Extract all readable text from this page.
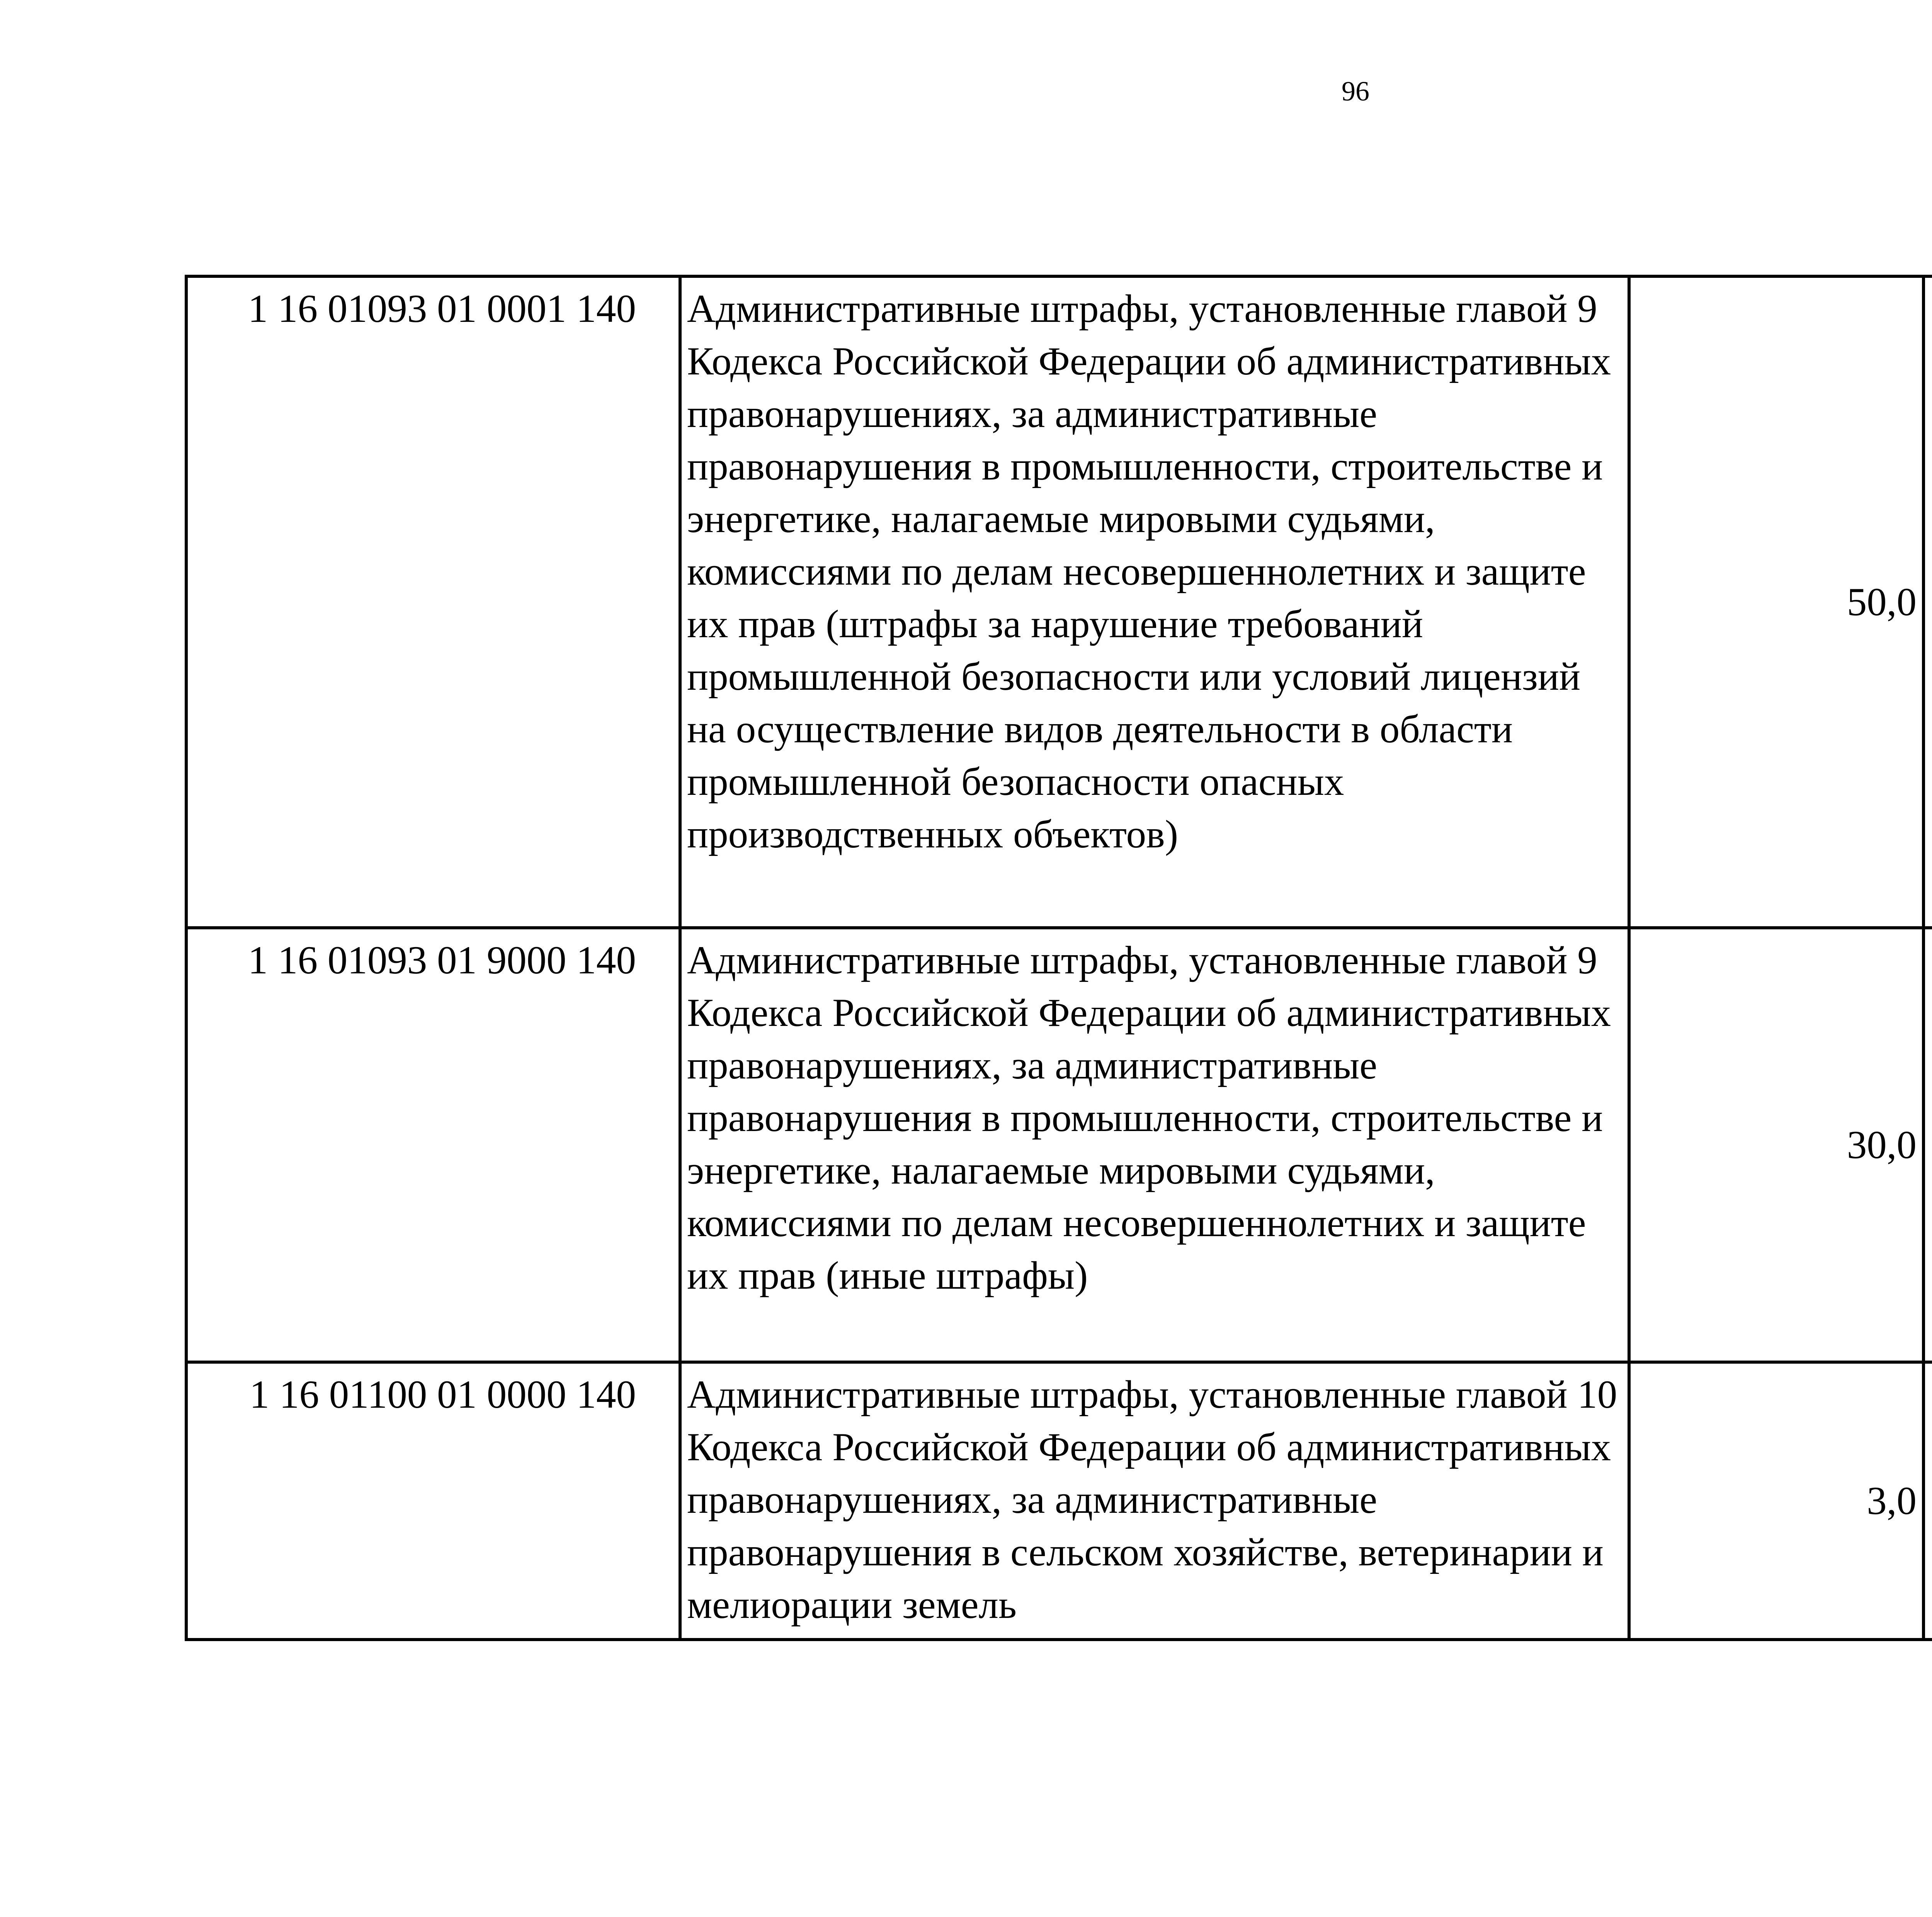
96
1 16 01093 01 0001 140	Административные штрафы, установленные главой 9 Кодекса Российской Федерации об административных правонарушениях, за административные правонарушения в промышленности, строительстве и энергетике, налагаемые мировыми судьями, комиссиями по делам несовершеннолетних и защите их прав (штрафы за нарушение требований промышленной безопасности или условий лицензий на осуществление видов деятельности в области промышленной безопасности опасных производственных объектов)	50,0		
1 16 01093 01 9000 140	Административные штрафы, установленные главой 9 Кодекса Российской Федерации об административных правонарушениях, за административные правонарушения в промышленности, строительстве и энергетике, налагаемые мировыми судьями, комиссиями по делам несовершеннолетних и защите их прав (иные штрафы)	30,0		
1 16 01100 01 0000 140	Административные штрафы, установленные главой 10 Кодекса Российской Федерации об административных правонарушениях, за административные правонарушения в сельском хозяйстве, ветеринарии и мелиорации земель	3,0		
